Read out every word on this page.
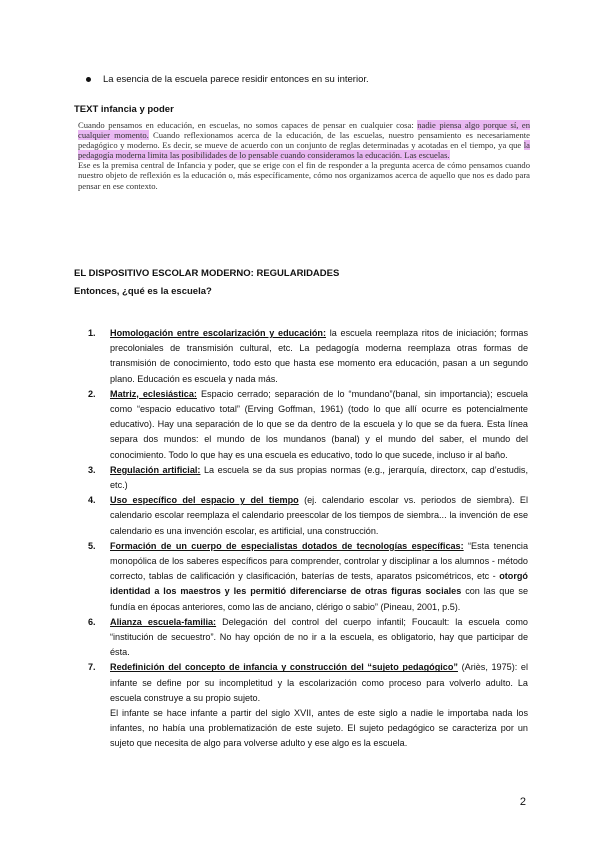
La esencia de la escuela parece residir entonces en su interior.
TEXT infancia y poder

Cuando pensamos en educación, en escuelas, no somos capaces de pensar en cualquier cosa: nadie piensa algo porque sí, en cualquier momento. Cuando reflexionamos acerca de la educación, de las escuelas, nuestro pensamiento es necesariamente pedagógico y moderno. Es decir, se mueve de acuerdo con un conjunto de reglas determinadas y acotadas en el tiempo, ya que la pedagogía moderna limita las posibilidades de lo pensable cuando consideramos la educación. Las escuelas.

Ese es la premisa central de Infancia y poder, que se erige con el fin de responder a la pregunta acerca de cómo pensamos cuando nuestro objeto de reflexión es la educación o, más específicamente, cómo nos organizamos acerca de aquello que nos es dado para pensar en ese contexto.

EL DISPOSITIVO ESCOLAR MODERNO: REGULARIDADES
Entonces, ¿qué es la escuela?
1. Homologación entre escolarización y educación: la escuela reemplaza ritos de iniciación; formas precoloniales de transmisión cultural, etc. La pedagogía moderna reemplaza otras formas de transmisión de conocimiento, todo esto que hasta ese momento era educación, pasan a un segundo plano. Educación es escuela y nada más.
2. Matriz, eclesiástica: Espacio cerrado; separación de lo “mundano”(banal, sin importancia); escuela como “espacio educativo total” (Erving Goffman, 1961) (todo lo que allí ocurre es potencialmente educativo). Hay una separación de lo que se da dentro de la escuela y lo que se da fuera. Esta línea separa dos mundos: el mundo de los mundanos (banal) y el mundo del saber, el mundo del conocimiento. Todo lo que hay es una escuela es educativo, todo lo que sucede, incluso ir al baño.
3. Regulación artificial: La escuela se da sus propias normas (e.g., jerarquía, directorx, cap d’estudis, etc.)
4. Uso específico del espacio y del tiempo (ej. calendario escolar vs. periodos de siembra). El calendario escolar reemplaza el calendario preescolar de los tiempos de siembra... la invención de ese calendario es una invención escolar, es artificial, una construcción.
5. Formación de un cuerpo de especialistas dotados de tecnologías específicas: “Esta tenencia monopólica de los saberes específicos para comprender, controlar y disciplinar a los alumnos - método correcto, tablas de calificación y clasificación, baterías de tests, aparatos psicométricos, etc - otorgó identidad a los maestros y les permitió diferenciarse de otras figuras sociales con las que se fundía en épocas anteriores, como las de anciano, clérigo o sabio” (Pineau, 2001, p.5).
6. Alianza escuela-familia: Delegación del control del cuerpo infantil; Foucault: la escuela como “institución de secuestro”. No hay opción de no ir a la escuela, es obligatorio, hay que participar de ésta.
7. Redefinición del concepto de infancia y construcción del “sujeto pedagógico” (Ariès, 1975): el infante se define por su incompletitud y la escolarización como proceso para volverlo adulto. La escuela construye a su propio sujeto.
El infante se hace infante a partir del siglo XVII, antes de este siglo a nadie le importaba nada los infantes, no había una problematización de este sujeto. El sujeto pedagógico se caracteriza por un sujeto que necesita de algo para volverse adulto y ese algo es la escuela.
2
